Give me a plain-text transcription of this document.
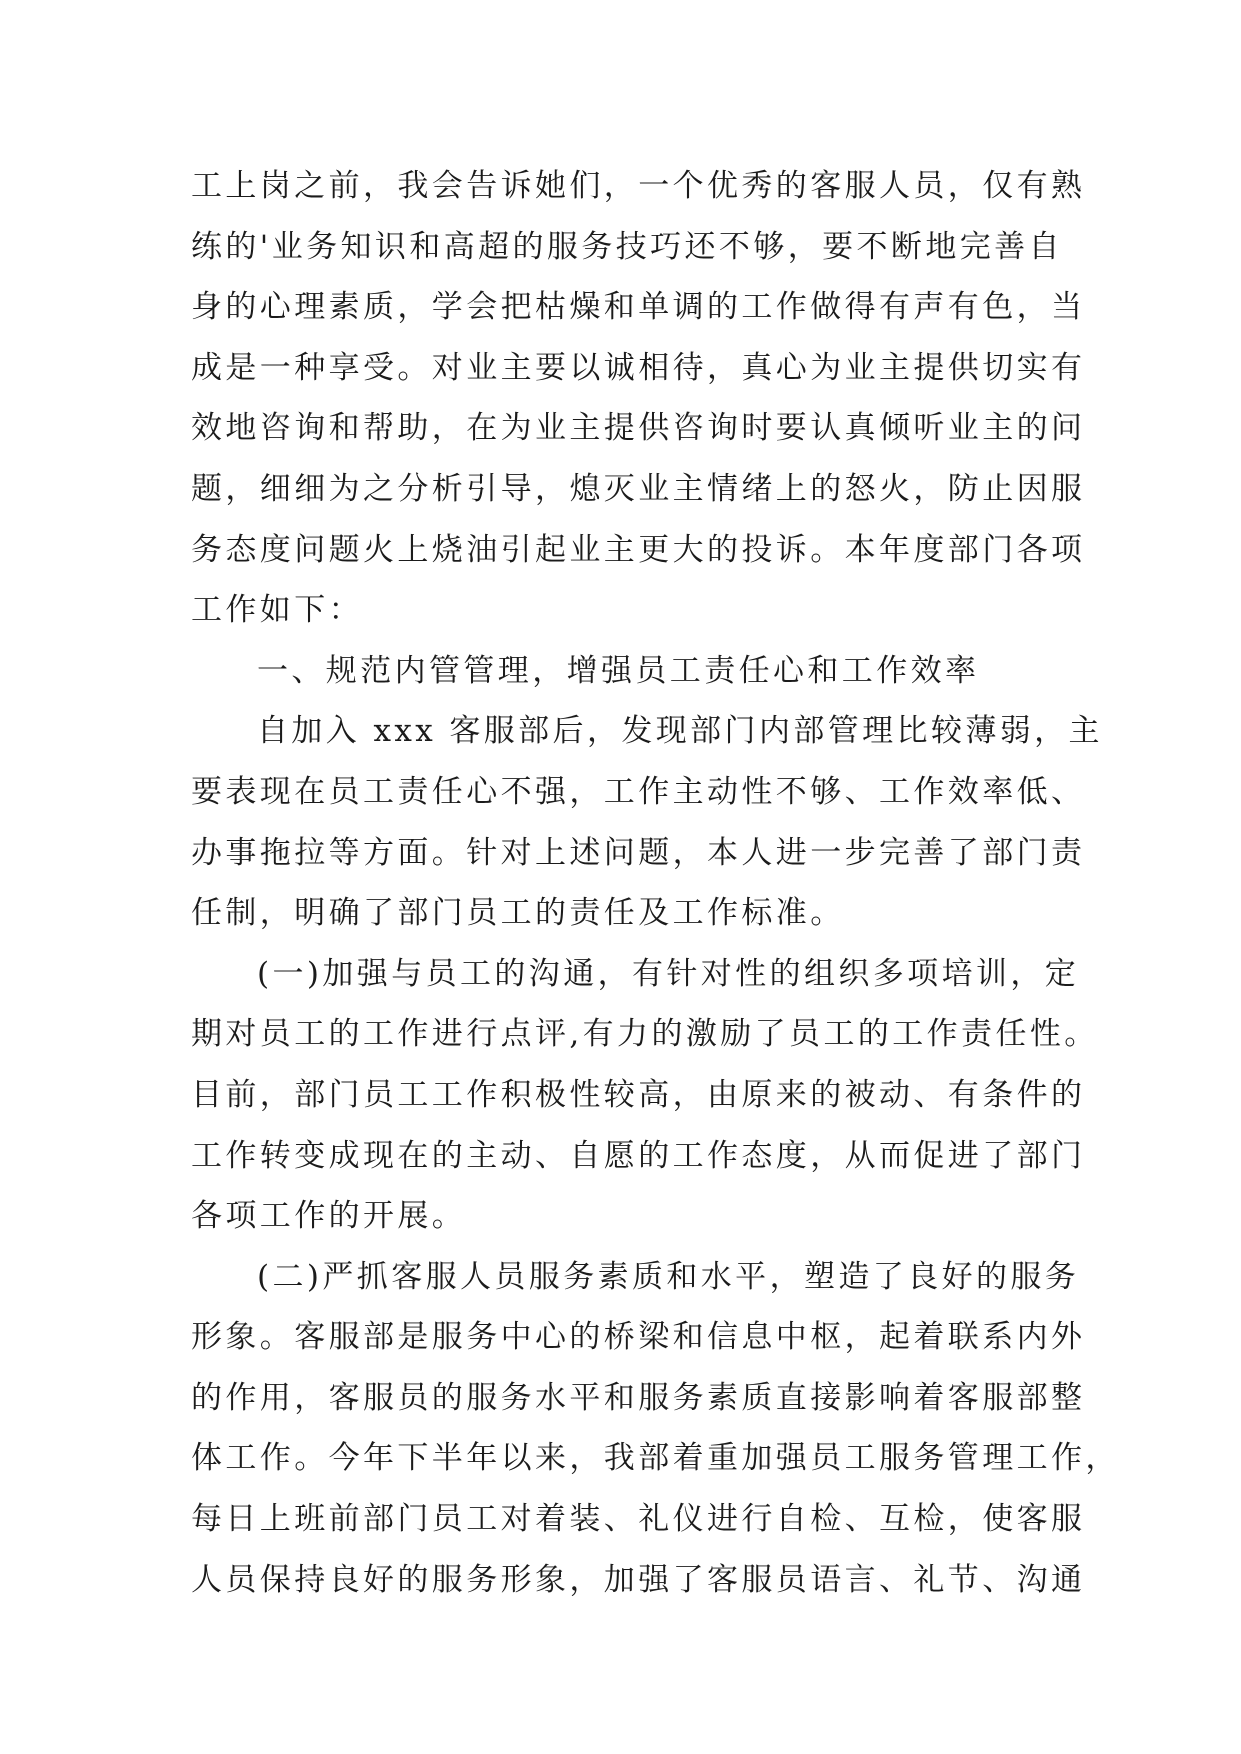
工上岗之前，我会告诉她们，一个优秀的客服人员，仅有熟
练的'业务知识和高超的服务技巧还不够，要不断地完善自
身的心理素质，学会把枯燥和单调的工作做得有声有色，当
成是一种享受。对业主要以诚相待，真心为业主提供切实有
效地咨询和帮助，在为业主提供咨询时要认真倾听业主的问
题，细细为之分析引导，熄灭业主情绪上的怒火，防止因服
务态度问题火上烧油引起业主更大的投诉。本年度部门各项
工作如下：
一、规范内管管理，增强员工责任心和工作效率
自加入 xxx 客服部后，发现部门内部管理比较薄弱，主
要表现在员工责任心不强，工作主动性不够、工作效率低、
办事拖拉等方面。针对上述问题，本人进一步完善了部门责
任制，明确了部门员工的责任及工作标准。
(一)加强与员工的沟通，有针对性的组织多项培训，定
期对员工的工作进行点评,有力的激励了员工的工作责任性。
目前，部门员工工作积极性较高，由原来的被动、有条件的
工作转变成现在的主动、自愿的工作态度，从而促进了部门
各项工作的开展。
(二)严抓客服人员服务素质和水平，塑造了良好的服务
形象。客服部是服务中心的桥梁和信息中枢，起着联系内外
的作用，客服员的服务水平和服务素质直接影响着客服部整
体工作。今年下半年以来，我部着重加强员工服务管理工作，
每日上班前部门员工对着装、礼仪进行自检、互检，使客服
人员保持良好的服务形象，加强了客服员语言、礼节、沟通
